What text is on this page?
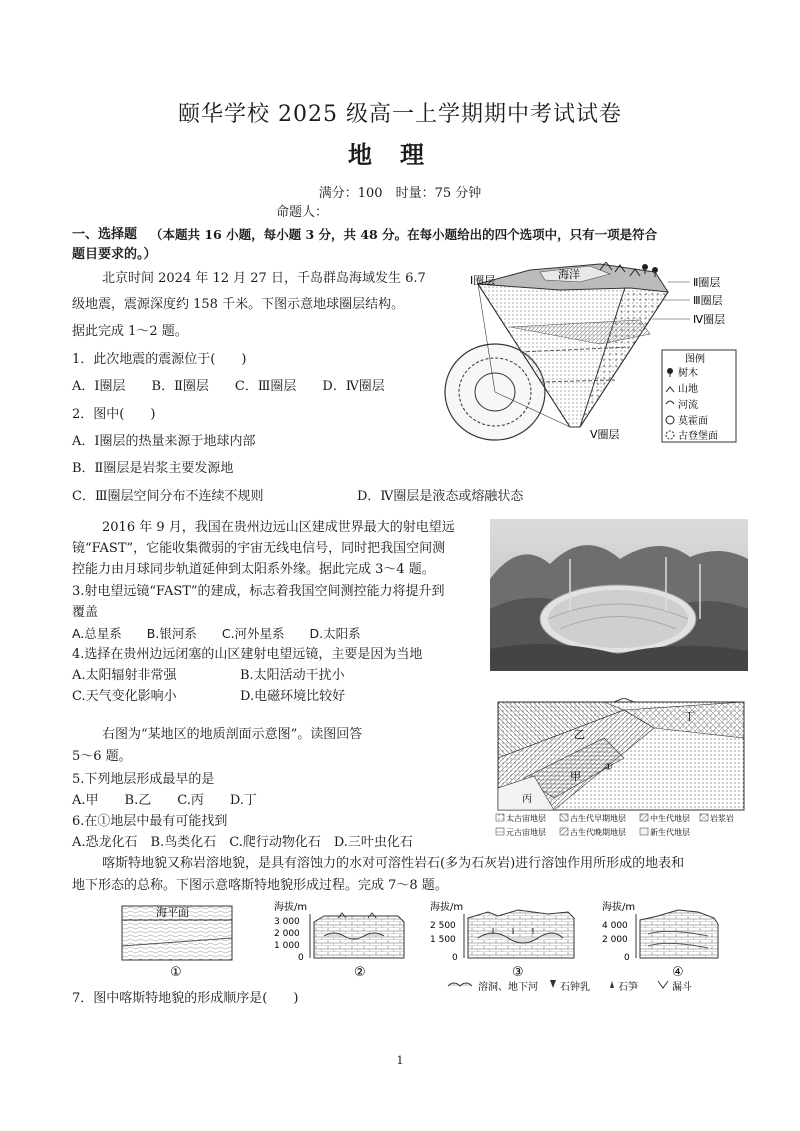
颐华学校 2025 级高一上学期期中考试试卷
地理
满分：100　时量：75 分钟
命题人：
一、选择题 （本题共 16 小题，每小题 3 分，共 48 分。在每小题给出的四个选项中，只有一项是符合
题目要求的。）
北京时间 2024 年 12 月 27 日，千岛群岛海域发生 6.7
级地震，震源深度约 158 千米。下图示意地球圈层结构。
据此完成 1～2 题。
1．此次地震的震源位于(　　)
A．Ⅰ圈层　　B．Ⅱ圈层　　C．Ⅲ圈层　　D．Ⅳ圈层
2．图中(　　)
A．Ⅰ圈层的热量来源于地球内部
B．Ⅱ圈层是岩浆主要发源地
C．Ⅲ圈层空间分布不连续不规则	D．Ⅳ圈层是液态或熔融状态
Ⅰ圈层	海洋
Ⅱ圈层
Ⅲ圈层
Ⅳ圈层
Ⅴ圈层
图例
树木
山地
河流
莫霍面
古登堡面
2016 年 9 月，我国在贵州边远山区建成世界最大的射电望远
镜“FAST”，它能收集微弱的宇宙无线电信号，同时把我国空间测
控能力由月球同步轨道延伸到太阳系外缘。据此完成 3～4 题。
3.射电望远镜“FAST”的建成，标志着我国空间测控能力将提升到
覆盖
A.总星系　　B.银河系　　C.河外星系　　D.太阳系
4.选择在贵州边远闭塞的山区建射电望远镜，主要是因为当地
A.太阳辐射非常强	B.太阳活动干扰小
C.天气变化影响小	D.电磁环境比较好
右图为“某地区的地质剖面示意图”。读图回答
5～6 题。
5.下列地层形成最早的是
A.甲　　B.乙　　C.丙　　D.丁
6.在①地层中最有可能找到
A.恐龙化石　B.鸟类化石　C.爬行动物化石　D.三叶虫化石
乙
丁
甲
丙
①
太古宙地层	古生代早期地层	中生代地层	岩浆岩
元古宙地层	古生代晚期地层	新生代地层
喀斯特地貌又称岩溶地貌，是具有溶蚀力的水对可溶性岩石(多为石灰岩)进行溶蚀作用所形成的地表和
地下形态的总称。下图示意喀斯特地貌形成过程。完成 7～8 题。
海平面
①
海拔/m
3 000
2 000
1 000
0
②
海拔/m
2 500
1 500
0
③
海拔/m
4 000
2 000
0
④
溶洞、地下河 石钟乳	石笋	漏斗
7．图中喀斯特地貌的形成顺序是(　　)
1
